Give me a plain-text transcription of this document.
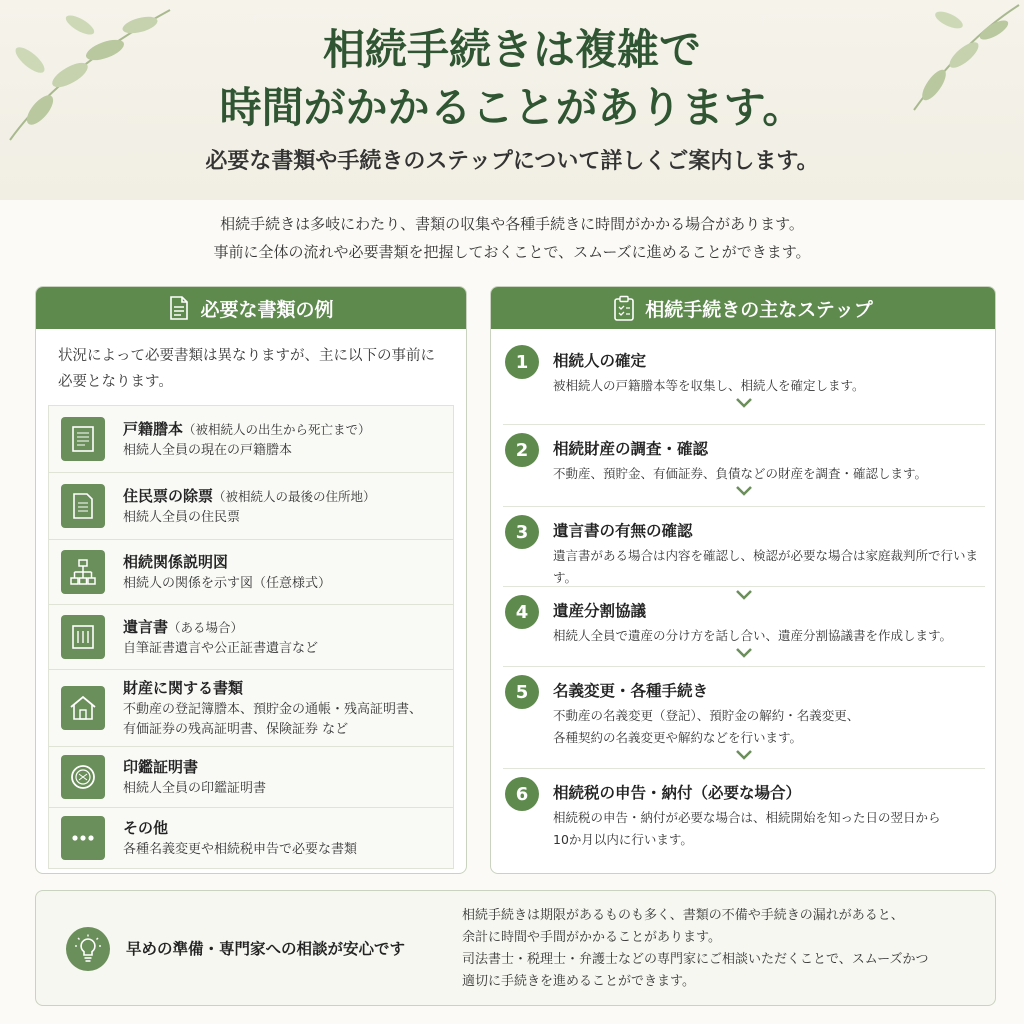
相続手続きは複雑で
時間がかかることがあります。
必要な書類や手続きのステップについて詳しくご案内します。
相続手続きは多岐にわたり、書類の収集や各種手続きに時間がかかる場合があります。
事前に全体の流れや必要書類を把握しておくことで、スムーズに進めることができます。
必要な書類の例
状況によって必要書類は異なりますが、主に以下の事前に必要となります。
戸籍謄本（被相続人の出生から死亡まで）
相続人全員の現在の戸籍謄本
住民票の除票（被相続人の最後の住所地）
相続人全員の住民票
相続関係説明図
相続人の関係を示す図（任意様式）
遺言書（ある場合）
自筆証書遺言や公正証書遺言など
財産に関する書類
不動産の登記簿謄本、預貯金の通帳・残高証明書、
有価証券の残高証明書、保険証券 など
印鑑証明書
相続人全員の印鑑証明書
その他
各種名義変更や相続税申告で必要な書類
相続手続きの主なステップ
1	相続人の確定
被相続人の戸籍謄本等を収集し、相続人を確定します。
2	相続財産の調査・確認
不動産、預貯金、有価証券、負債などの財産を調査・確認します。
3	遺言書の有無の確認
遺言書がある場合は内容を確認し、検認が必要な場合は家庭裁判所で行います。
4	遺産分割協議
相続人全員で遺産の分け方を話し合い、遺産分割協議書を作成します。
5	名義変更・各種手続き
不動産の名義変更（登記）、預貯金の解約・名義変更、
各種契約の名義変更や解約などを行います。
6	相続税の申告・納付（必要な場合）
相続税の申告・納付が必要な場合は、相続開始を知った日の翌日から
10か月以内に行います。
早めの準備・専門家への相談が安心です
相続手続きは期限があるものも多く、書類の不備や手続きの漏れがあると、
余計に時間や手間がかかることがあります。
司法書士・税理士・弁護士などの専門家にご相談いただくことで、スムーズかつ
適切に手続きを進めることができます。
